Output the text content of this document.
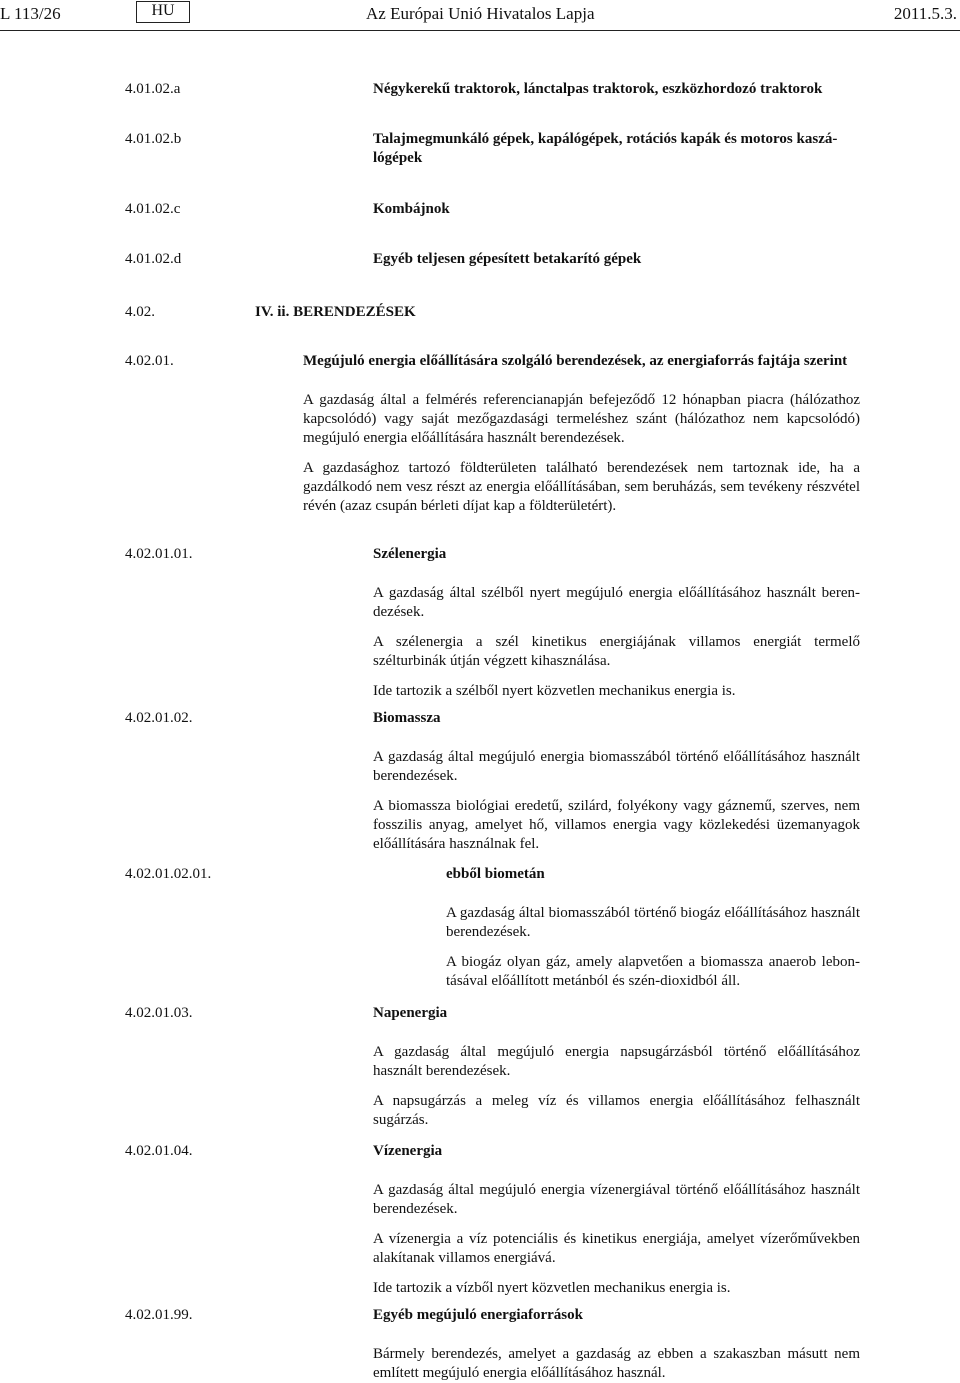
L 113/26	HU	Az Európai Unió Hivatalos Lapja	2011.5.3.
4.01.02.a	Négykerekű traktorok, lánctalpas traktorok, eszközhordozó traktorok
4.01.02.b	Talajmegmunkáló gépek, kapálógépek, rotációs kapák és motoros kaszálógépek
4.01.02.c	Kombájnok
4.01.02.d	Egyéb teljesen gépesített betakarító gépek
4.02.	IV. ii. BERENDEZÉSEK
4.02.01.	Megújuló energia előállítására szolgáló berendezések, az energiaforrás fajtája szerint
A gazdaság által a felmérés referencianapján befejeződő 12 hónapban piacra (hálózathoz kapcsolódó) vagy saját mezőgazdasági termeléshez szánt (hálózathoz nem kapcsolódó) megújuló energia előállítására használt berendezések.
A gazdasághoz tartozó földterületen található berendezések nem tartoznak ide, ha a gazdálkodó nem vesz részt az energia előállításában, sem beruházás, sem tevékeny részvétel révén (azaz csupán bérleti díjat kap a földterületért).
4.02.01.01.	Szélenergia
A gazdaság által szélből nyert megújuló energia előállításához használt berendezések.
A szélenergia a szél kinetikus energiájának villamos energiát termelő szélturbinák útján végzett kihasználása.
Ide tartozik a szélből nyert közvetlen mechanikus energia is.
4.02.01.02.	Biomassza
A gazdaság által megújuló energia biomasszából történő előállításához használt berendezések.
A biomassza biológiai eredetű, szilárd, folyékony vagy gáznemű, szerves, nem fosszilis anyag, amelyet hő, villamos energia vagy közlekedési üzemanyagok előállítására használnak fel.
4.02.01.02.01.	ebből biometán
A gazdaság által biomasszából történő biogáz előállításához használt berendezések.
A biogáz olyan gáz, amely alapvetően a biomassza anaerob lebontásával előállított metánból és szén-dioxidból áll.
4.02.01.03.	Napenergia
A gazdaság által megújuló energia napsugárzásból történő előállításához használt berendezések.
A napsugárzás a meleg víz és villamos energia előállításához felhasznált sugárzás.
4.02.01.04.	Vízenergia
A gazdaság által megújuló energia vízenergiával történő előállításához használt berendezések.
A vízenergia a víz potenciális és kinetikus energiája, amelyet vízerőművekben alakítanak villamos energiává.
Ide tartozik a vízből nyert közvetlen mechanikus energia is.
4.02.01.99.	Egyéb megújuló energiaforrások
Bármely berendezés, amelyet a gazdaság az ebben a szakaszban másutt nem említett megújuló energia előállításához használ.
